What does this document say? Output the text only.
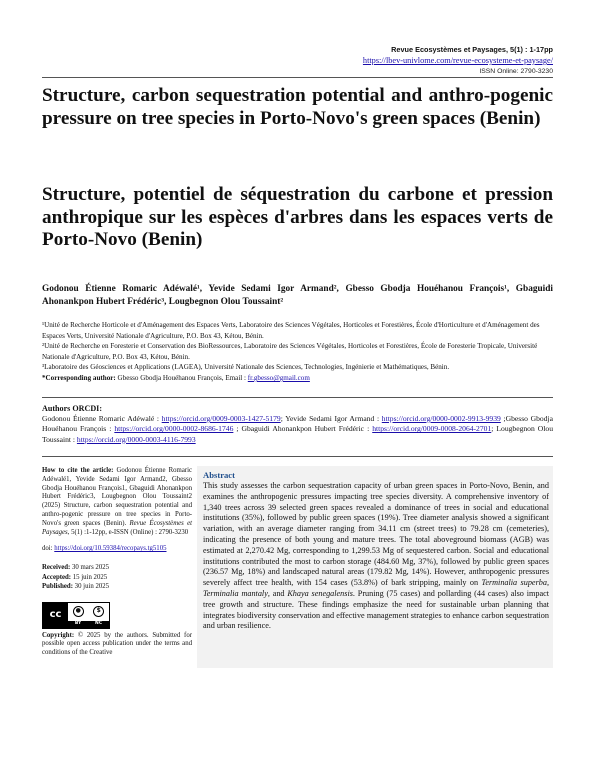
Revue Ecosystèmes et Paysages, 5(1) : 1-17pp
https://lbev-univlome.com/revue-ecosysteme-et-paysage/
ISSN Online: 2790-3230
Structure, carbon sequestration potential and anthro-pogenic pressure on tree species in Porto-Novo's green spaces (Benin)
Structure, potentiel de séquestration du carbone et pression anthropique sur les espèces d'arbres dans les espaces verts de Porto-Novo (Benin)
Godonou Étienne Romaric Adéwalé¹, Yevide Sedami Igor Armand², Gbesso Gbodja Houéhanou François¹, Gbaguidi Ahonankpon Hubert Frédéric³, Lougbegnon Olou Toussaint²
¹Unité de Recherche Horticole et d'Aménagement des Espaces Verts, Laboratoire des Sciences Végétales, Horticoles et Forestières, École d'Horticulture et d'Aménagement des Espaces Verts, Université Nationale d'Agriculture, P.O. Box 43, Kétou, Bénin.
²Unité de Recherche en Foresterie et Conservation des BioRessources, Laboratoire des Sciences Végétales, Horticoles et Forestières, École de Foresterie Tropicale, Université Nationale d'Agriculture, P.O. Box 43, Kétou, Bénin.
³Laboratoire des Géosciences et Applications (LAGEA), Université Nationale des Sciences, Technologies, Ingénierie et Mathématiques, Bénin.
*Corresponding author: Gbesso Gbodja Houéhanou François, Email : fr.gbesso@gmail.com
Authors ORCDI:
Godonou Étienne Romaric Adéwalé : https://orcid.org/0009-0003-1427-5179; Yevide Sedami Igor Armand : https://orcid.org/0000-0002-9913-9939 ;Gbesso Gbodja Houéhanou François : https://orcid.org/0000-0002-8686-1746 ; Gbaguidi Ahonankpon Hubert Frédéric : https://orcid.org/0009-0008-2064-2701; Lougbegnon Olou Toussaint : https://orcid.org/0000-0003-4116-7993
How to cite the article: Godonou Étienne Romaric Adéwalé1, Yevide Sedami Igor Armand2, Gbesso Gbodja Houéhanou François1, Gbaguidi Ahonankpon Hubert Frédéric3, Lougbegnon Olou Toussaint2 (2025) Structure, carbon sequestration potential and anthro-pogenic pressure on tree species in Porto-Novo's green spaces (Benin). Revue Écosystèmes et Paysages, 5(1) :1-12pp, e-ISSN (Online) : 2790-3230
doi: https://doi.org/10.59384/recopays.tg5105
Received: 30 mars 2025
Accepted: 15 juin 2025
Published: 30 juin 2025
cc	●	$
BY	NC
Copyright: © 2025 by the authors. Submitted for possible open access publication under the terms and conditions of the Creative
Abstract
This study assesses the carbon sequestration capacity of urban green spaces in Porto-Novo, Benin, and examines the anthropogenic pressures impacting tree species diversity. A comprehensive inventory of 1,340 trees across 39 selected green spaces revealed a dominance of trees in social and educational institutions (35%), followed by public green spaces (19%). Tree diameter analysis showed a significant variation, with an average diameter ranging from 34.11 cm (street trees) to 79.28 cm (cemeteries), indicating the presence of both young and mature trees. The total aboveground biomass (AGB) was estimated at 2,270.42 Mg, corresponding to 1,299.53 Mg of sequestered carbon. Social and educational institutions contributed the most to carbon storage (484.60 Mg, 37%), followed by public green spaces (236.57 Mg, 18%) and landscaped natural areas (179.82 Mg, 14%). However, anthropogenic pressures severely affect tree health, with 154 cases (53.8%) of bark stripping, mainly on Terminalia superba, Terminalia mantaly, and Khaya senegalensis. Pruning (75 cases) and pollarding (44 cases) also impact tree growth and structure. These findings emphasize the need for sustainable urban planning that integrates biodiversity conservation and effective management strategies to enhance carbon sequestration and urban resilience.
